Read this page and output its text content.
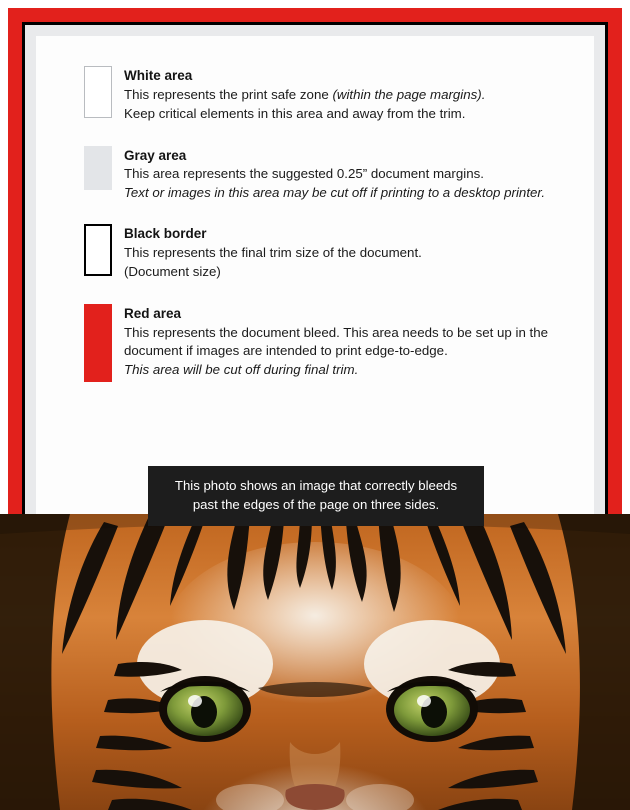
White area
This represents the print safe zone (within the page margins).
Keep critical elements in this area and away from the trim.
Gray area
This area represents the suggested 0.25” document margins.
Text or images in this area may be cut off if printing to a desktop printer.
Black border
This represents the final trim size of the document.
(Document size)
Red area
This represents the document bleed. This area needs to be set up in the document if images are intended to print edge-to-edge.
This area will be cut off during final trim.
This photo shows an image that correctly bleeds past the edges of the page on three sides.
